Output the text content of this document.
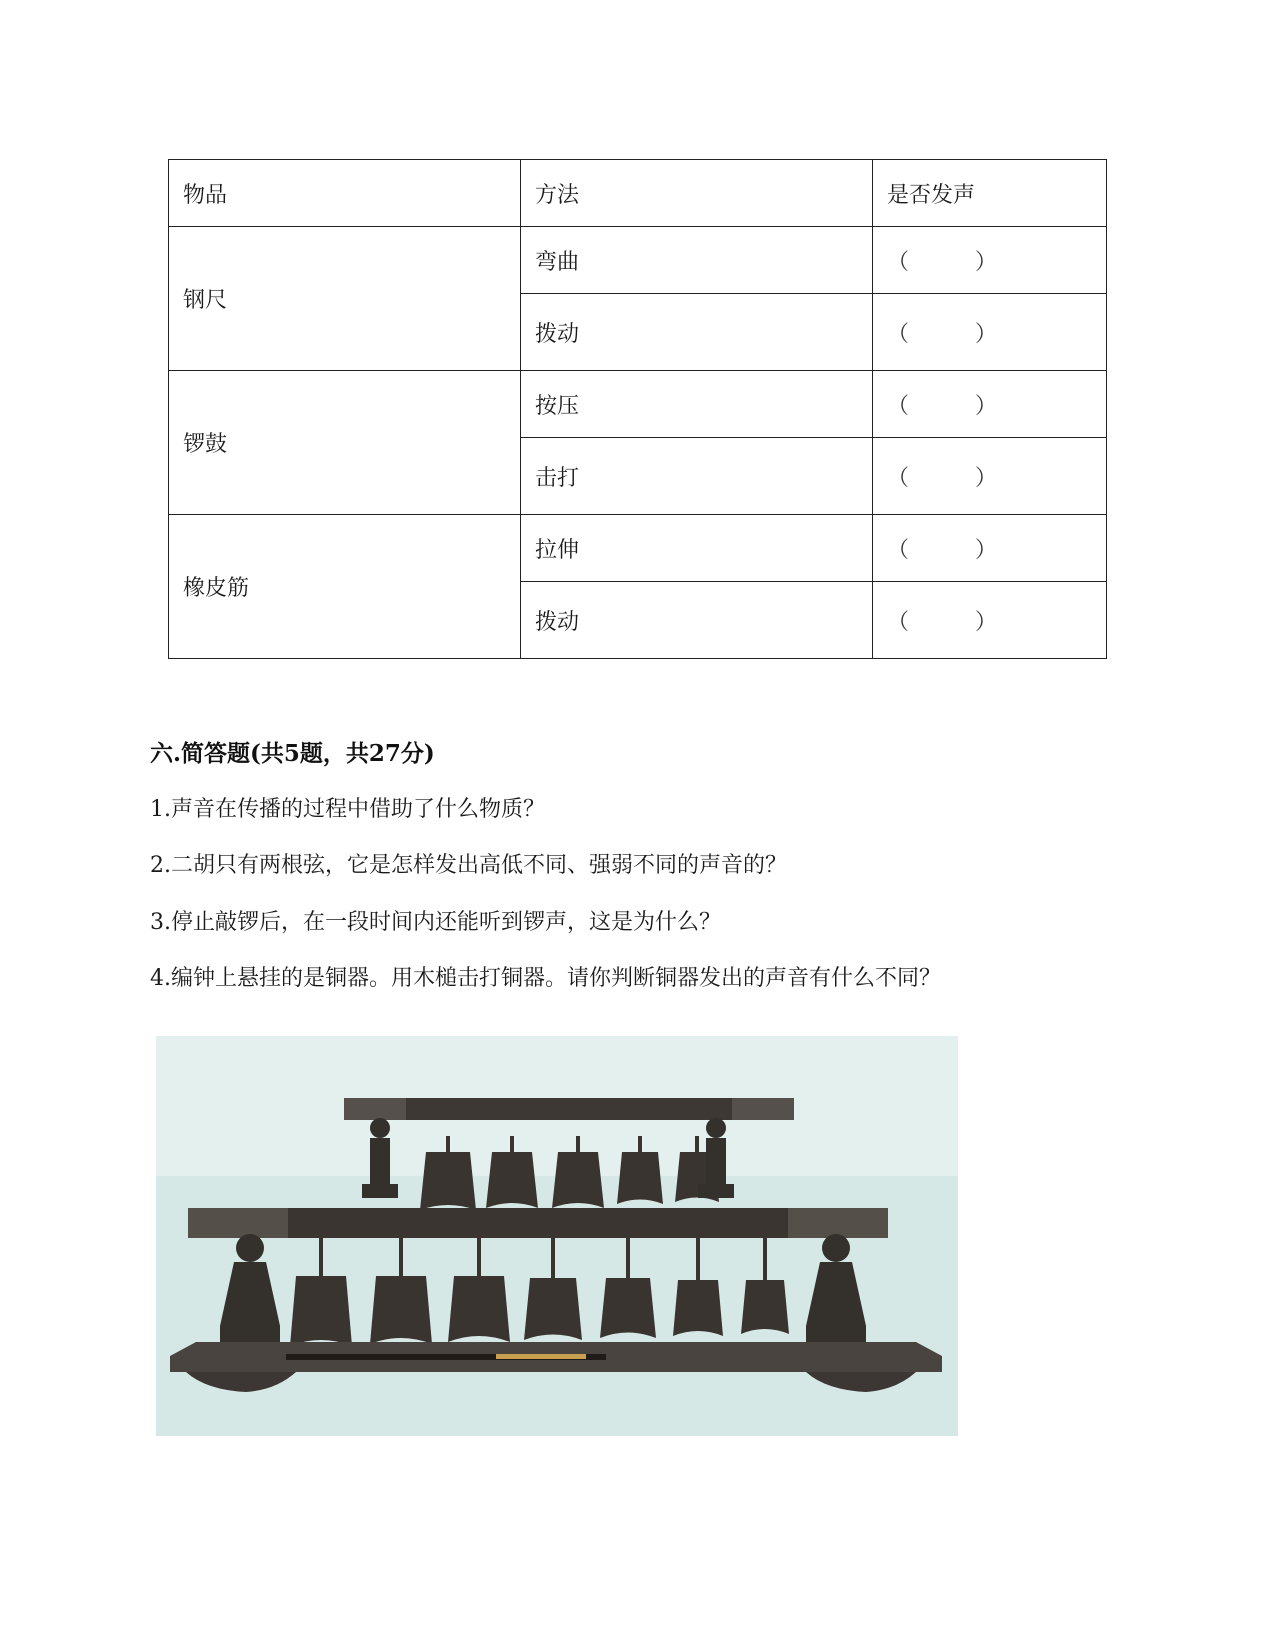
物品	方法	是否发声
钢尺	弯曲	（ ）

	拨动	（ ）

锣鼓	按压	（ ）

	击打	（ ）

橡皮筋	拉伸	（ ）

	拨动	（ ）
六.简答题(共5题，共27分)
1.声音在传播的过程中借助了什么物质？
2.二胡只有两根弦，它是怎样发出高低不同、强弱不同的声音的？
3.停止敲锣后，在一段时间内还能听到锣声，这是为什么？
4.编钟上悬挂的是铜器。用木槌击打铜器。请你判断铜器发出的声音有什么不同？
